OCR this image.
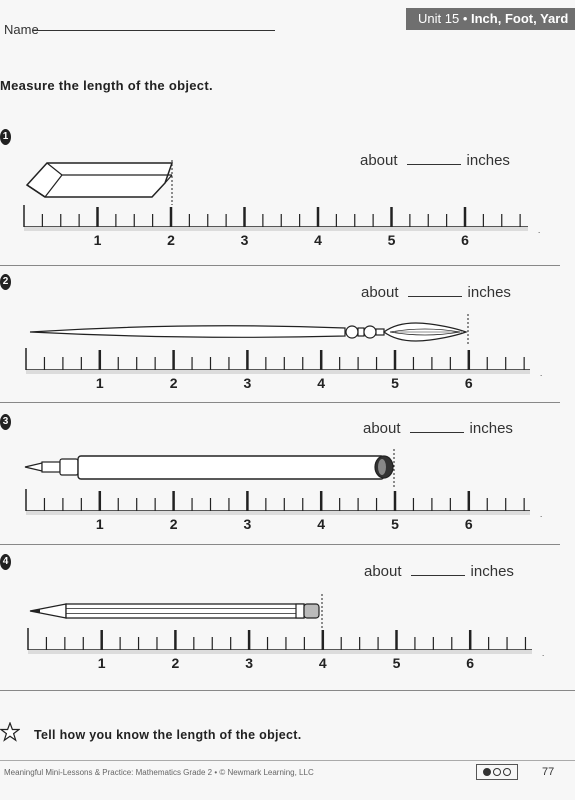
Name
Unit 15 • Inch, Foot, Yard
Measure the length of the object.
1
about	inches
1	2	3	4	5	6
.
2
about	inches
1	2	3	4	5	6
.
3	about	inches
1	2	3	4	5	6
.
4
about	inches
1	2	3	4	5	6
.
Tell how you know the length of the object.
Meaningful Mini-Lessons & Practice: Mathematics Grade 2 • © Newmark Learning, LLC	77
